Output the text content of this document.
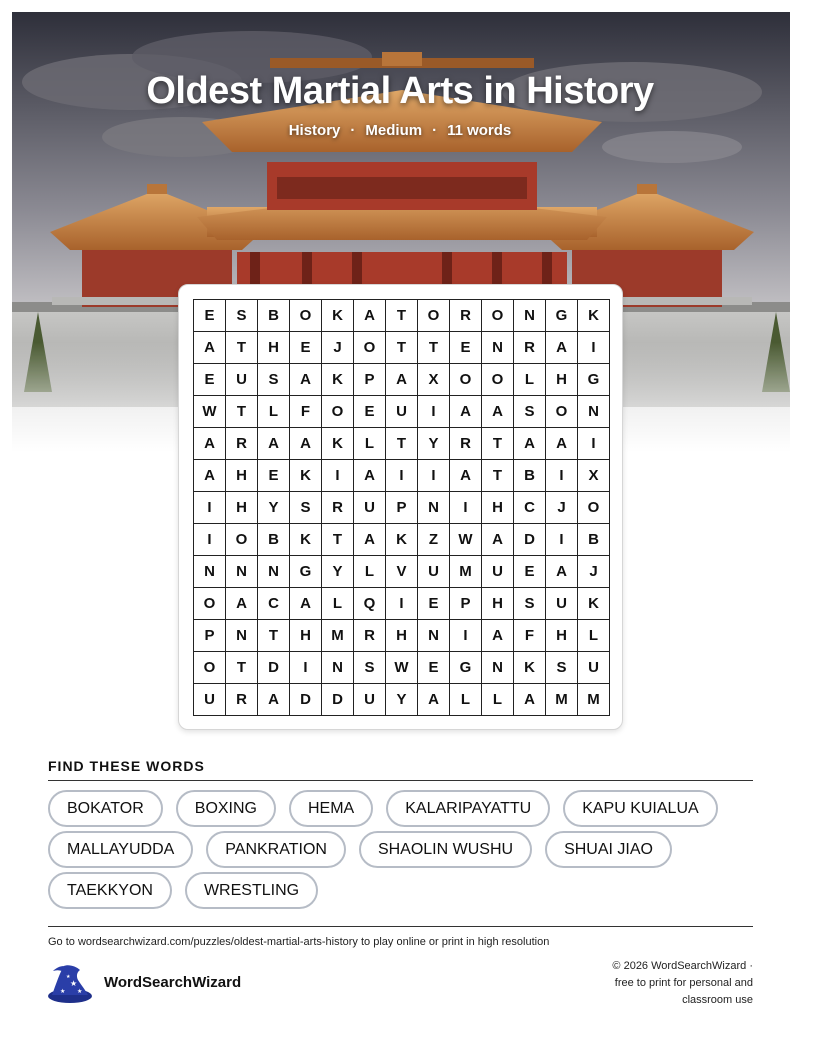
Oldest Martial Arts in History
History · Medium · 11 words
E	S	B	O	K	A	T	O	R	O	N	G	K
A	T	H	E	J	O	T	T	E	N	R	A	I
E	U	S	A	K	P	A	X	O	O	L	H	G
W	T	L	F	O	E	U	I	A	A	S	O	N
A	R	A	A	K	L	T	Y	R	T	A	A	I
A	H	E	K	I	A	I	I	A	T	B	I	X
I	H	Y	S	R	U	P	N	I	H	C	J	O
I	O	B	K	T	A	K	Z	W	A	D	I	B
N	N	N	G	Y	L	V	U	M	U	E	A	J
O	A	C	A	L	Q	I	E	P	H	S	U	K
P	N	T	H	M	R	H	N	I	A	F	H	L
O	T	D	I	N	S	W	E	G	N	K	S	U
U	R	A	D	D	U	Y	A	L	L	A	M	M
FIND THESE WORDS
BOKATOR	BOXING	HEMA	KALARIPAYATTU	KAPU KUIALUA
MALLAYUDDA	PANKRATION	SHAOLIN WUSHU	SHUAI JIAO
TAEKKYON	WRESTLING
Go to wordsearchwizard.com/puzzles/oldest-martial-arts-history to play online or print in high resolution
★
★ ★
★ WordSearchWizard
© 2026 WordSearchWizard ·
free to print for personal and
classroom use
